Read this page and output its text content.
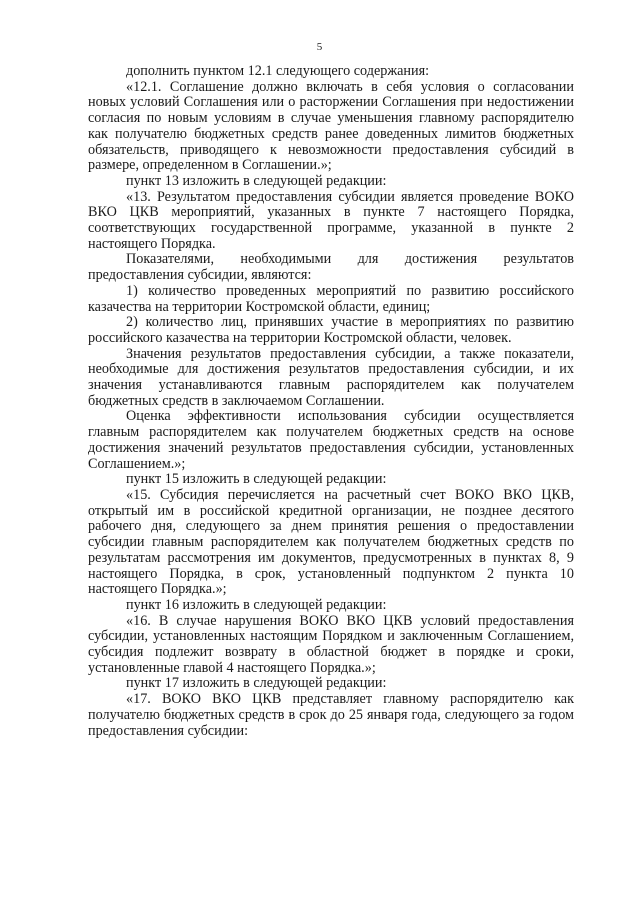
5

дополнить пунктом 12.1 следующего содержания:

«12.1. Соглашение должно включать в себя условия о согласовании новых условий Соглашения или о расторжении Соглашения при недостижении согласия по новым условиям в случае уменьшения главному распорядителю как получателю бюджетных средств ранее доведенных лимитов бюджетных обязательств, приводящего к невозможности предоставления субсидий в размере, определенном в Соглашении.»;

пункт 13 изложить в следующей редакции:

«13. Результатом предоставления субсидии является проведение ВОКО ВКО ЦКВ мероприятий, указанных в пункте 7 настоящего Порядка, соответствующих государственной программе, указанной в пункте 2 настоящего Порядка.

Показателями, необходимыми для достижения результатов предоставления субсидии, являются:

1) количество проведенных мероприятий по развитию российского казачества на территории Костромской области, единиц;

2) количество лиц, принявших участие в мероприятиях по развитию российского казачества на территории Костромской области, человек.

Значения результатов предоставления субсидии, а также показатели, необходимые для достижения результатов предоставления субсидии, и их значения устанавливаются главным распорядителем как получателем бюджетных средств в заключаемом Соглашении.

Оценка эффективности использования субсидии осуществляется главным распорядителем как получателем бюджетных средств на основе достижения значений результатов предоставления субсидии, установленных Соглашением.»;

пункт 15 изложить в следующей редакции:

«15. Субсидия перечисляется на расчетный счет ВОКО ВКО ЦКВ, открытый им в российской кредитной организации, не позднее десятого рабочего дня, следующего за днем принятия решения о предоставлении субсидии главным распорядителем как получателем бюджетных средств по результатам рассмотрения им документов, предусмотренных в пунктах 8, 9 настоящего Порядка, в срок, установленный подпунктом 2 пункта 10 настоящего Порядка.»;

пункт 16 изложить в следующей редакции:

«16. В случае нарушения ВОКО ВКО ЦКВ условий предоставления субсидии, установленных настоящим Порядком и заключенным Соглашением, субсидия подлежит возврату в областной бюджет в порядке и сроки, установленные главой 4 настоящего Порядка.»;

пункт 17 изложить в следующей редакции:

«17. ВОКО ВКО ЦКВ представляет главному распорядителю как получателю бюджетных средств в срок до 25 января года, следующего за годом предоставления субсидии:
